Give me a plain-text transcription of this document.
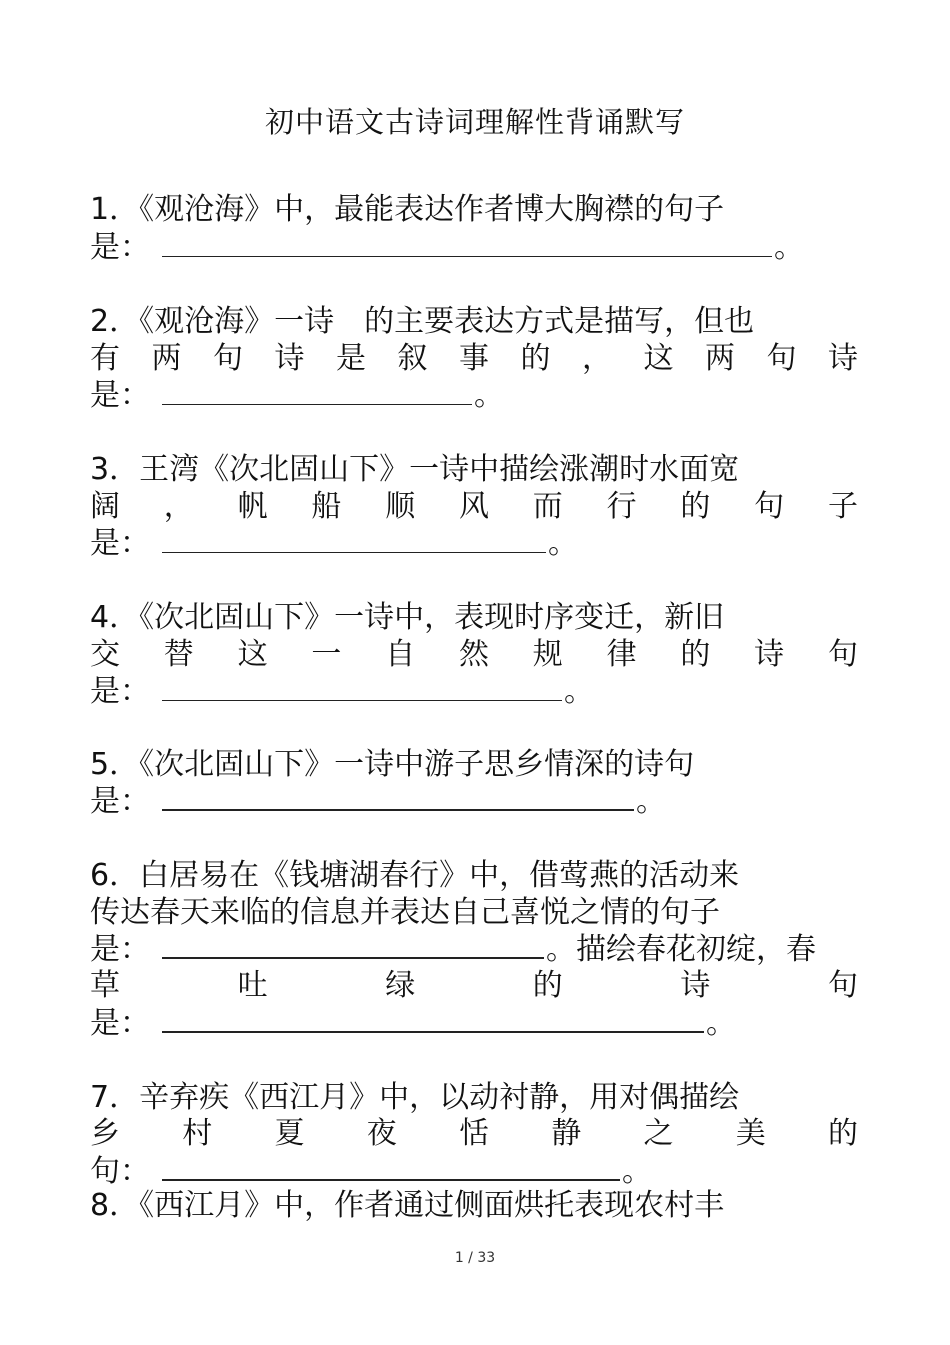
初中语文古诗词理解性背诵默写
1．《观沧海》中，最能表达作者博大胸襟的句子
是：	。
2．《观沧海》一诗　的主要表达方式是描写，但也
有 两 句 诗 是 叙 事 的 ， 这 两 句 诗
是：	。
3．王湾《次北固山下》一诗中描绘涨潮时水面宽
阔 ， 帆 船 顺 风 而 行 的 句 子
是：	。
4．《次北固山下》一诗中，表现时序变迁，新旧
交 替 这 一 自 然 规 律 的 诗 句
是：	。
5．《次北固山下》一诗中游子思乡情深的诗句
是：	。
6．白居易在《钱塘湖春行》中，借莺燕的活动来
传达春天来临的信息并表达自己喜悦之情的句子
是：	。描绘春花初绽，春
草	吐	绿	的	诗	句
是：	。
7．辛弃疾《西江月》中，以动衬静，用对偶描绘
乡 村 夏 夜 恬 静 之 美 的
句：	。
8．《西江月》中，作者通过侧面烘托表现农村丰
1 / 33
